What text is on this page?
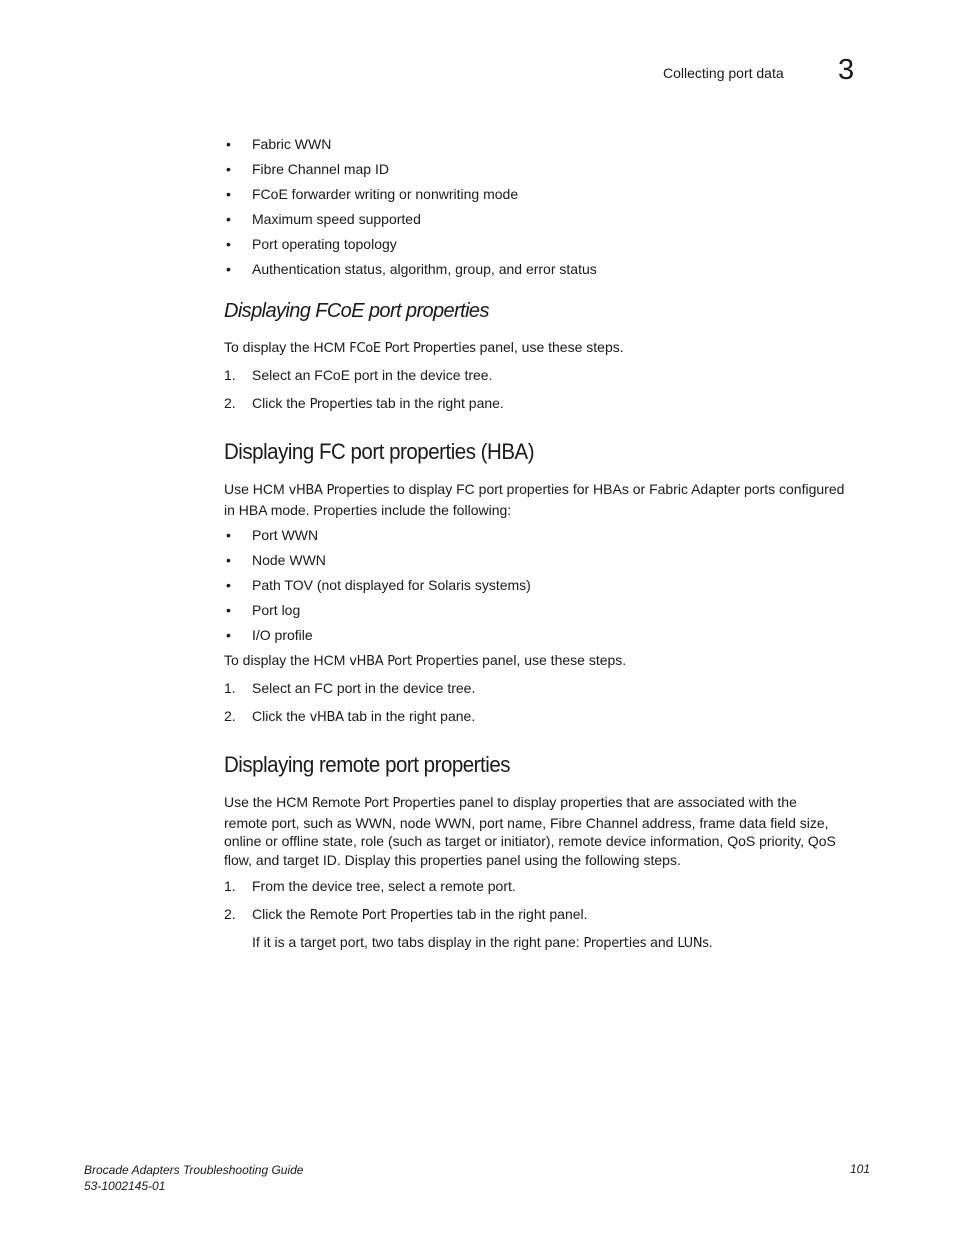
Collecting port data 3
• Fabric WWN
• Fibre Channel map ID
• FCoE forwarder writing or nonwriting mode
• Maximum speed supported
• Port operating topology
• Authentication status, algorithm, group, and error status
Displaying FCoE port properties
To display the HCM FCoE Port Properties panel, use these steps.
1. Select an FCoE port in the device tree.
2. Click the Properties tab in the right pane.
Displaying FC port properties (HBA)
Use HCM vHBA Properties to display FC port properties for HBAs or Fabric Adapter ports configured
in HBA mode. Properties include the following:
• Port WWN
• Node WWN
• Path TOV (not displayed for Solaris systems)
• Port log
• I/O profile
To display the HCM vHBA Port Properties panel, use these steps.
1. Select an FC port in the device tree.
2. Click the vHBA tab in the right pane.
Displaying remote port properties
Use the HCM Remote Port Properties panel to display properties that are associated with the
remote port, such as WWN, node WWN, port name, Fibre Channel address, frame data field size,
online or offline state, role (such as target or initiator), remote device information, QoS priority, QoS
flow, and target ID. Display this properties panel using the following steps.
1. From the device tree, select a remote port.
2. Click the Remote Port Properties tab in the right panel.
If it is a target port, two tabs display in the right pane: Properties and LUNs.
Brocade Adapters Troubleshooting Guide
53-1002145-01
101
